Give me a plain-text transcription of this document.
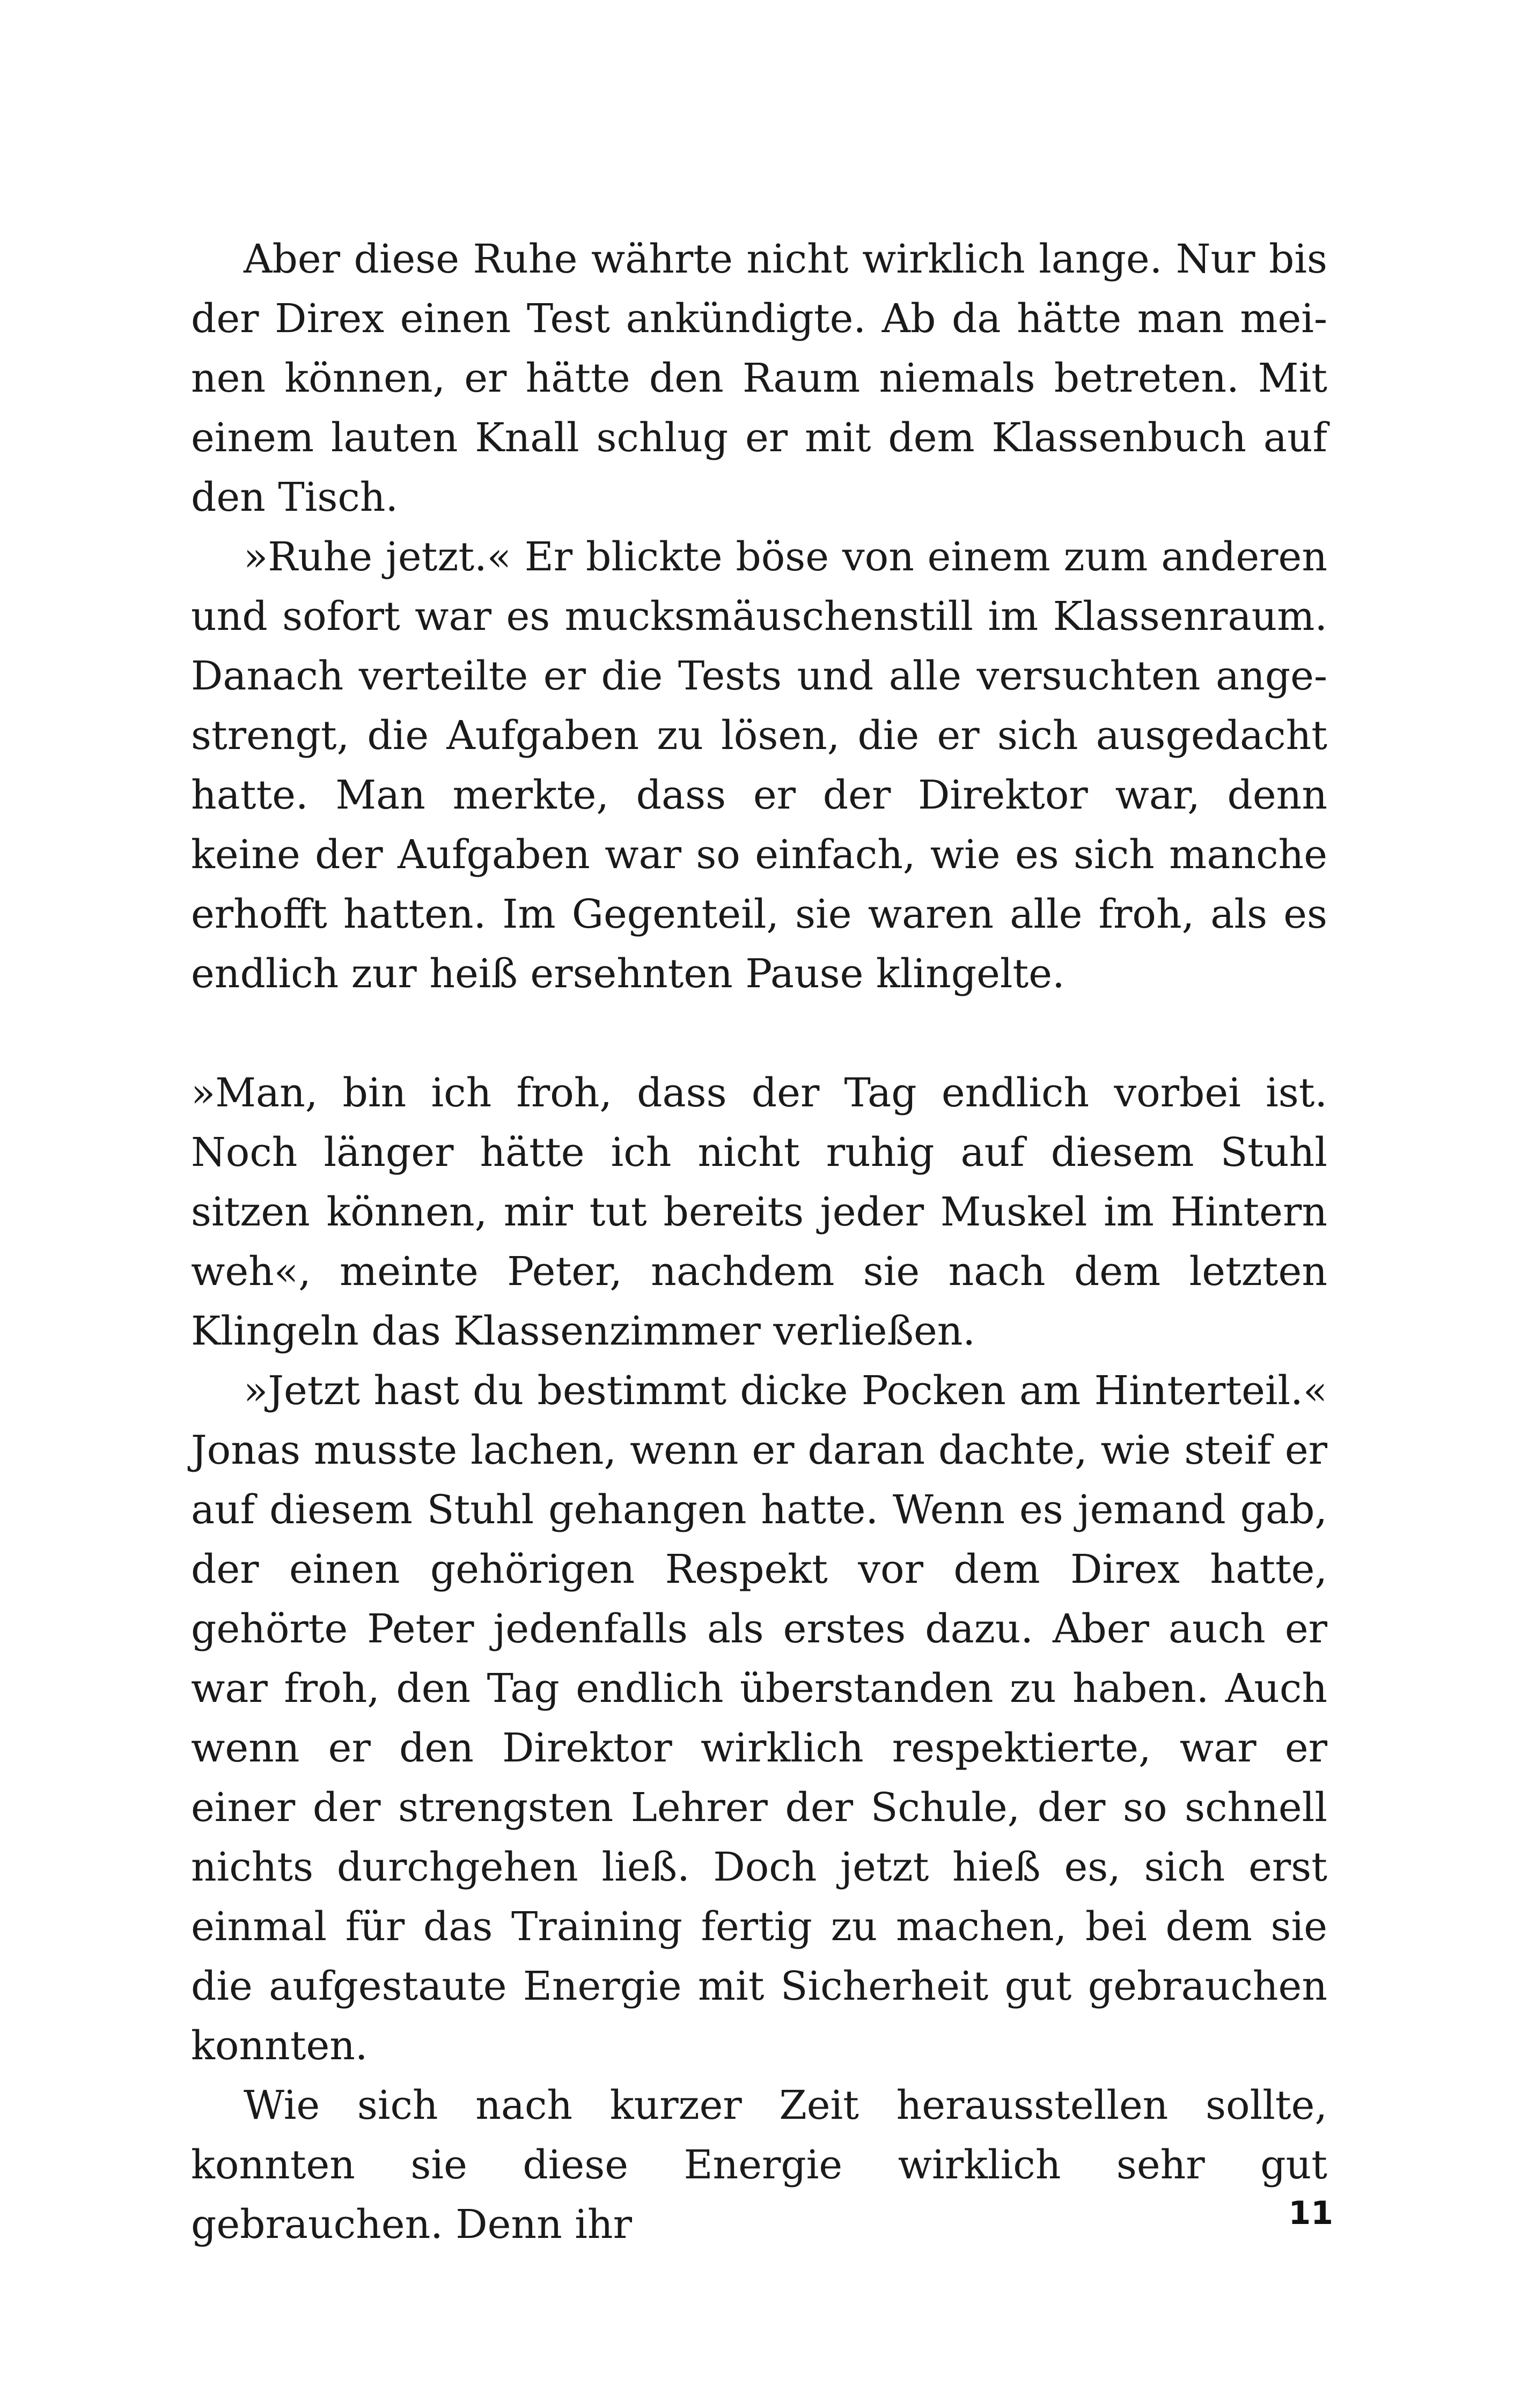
Aber diese Ruhe währte nicht wirklich lange. Nur bis der Direx einen Test ankündigte. Ab da hätte man meinen können, er hätte den Raum niemals betreten. Mit einem lauten Knall schlug er mit dem Klassenbuch auf den Tisch.

»Ruhe jetzt.« Er blickte böse von einem zum anderen und sofort war es mucksmäuschenstill im Klassenraum. Danach verteilte er die Tests und alle versuchten angestrengt, die Aufgaben zu lösen, die er sich ausgedacht hatte. Man merkte, dass er der Direktor war, denn keine der Aufgaben war so einfach, wie es sich manche erhofft hatten. Im Gegenteil, sie waren alle froh, als es endlich zur heiß ersehnten Pause klingelte.

»Man, bin ich froh, dass der Tag endlich vorbei ist. Noch länger hätte ich nicht ruhig auf diesem Stuhl sitzen können, mir tut bereits jeder Muskel im Hintern weh«, meinte Peter, nachdem sie nach dem letzten Klingeln das Klassenzimmer verließen.

»Jetzt hast du bestimmt dicke Pocken am Hinterteil.« Jonas musste lachen, wenn er daran dachte, wie steif er auf diesem Stuhl gehangen hatte. Wenn es jemand gab, der einen gehörigen Respekt vor dem Direx hatte, gehörte Peter jedenfalls als erstes dazu. Aber auch er war froh, den Tag endlich überstanden zu haben. Auch wenn er den Direktor wirklich respektierte, war er einer der strengsten Lehrer der Schule, der so schnell nichts durchgehen ließ. Doch jetzt hieß es, sich erst einmal für das Training fertig zu machen, bei dem sie die aufgestaute Energie mit Sicherheit gut gebrauchen konnten.

Wie sich nach kurzer Zeit herausstellen sollte, konnten sie diese Energie wirklich sehr gut gebrauchen. Denn ihr	11
